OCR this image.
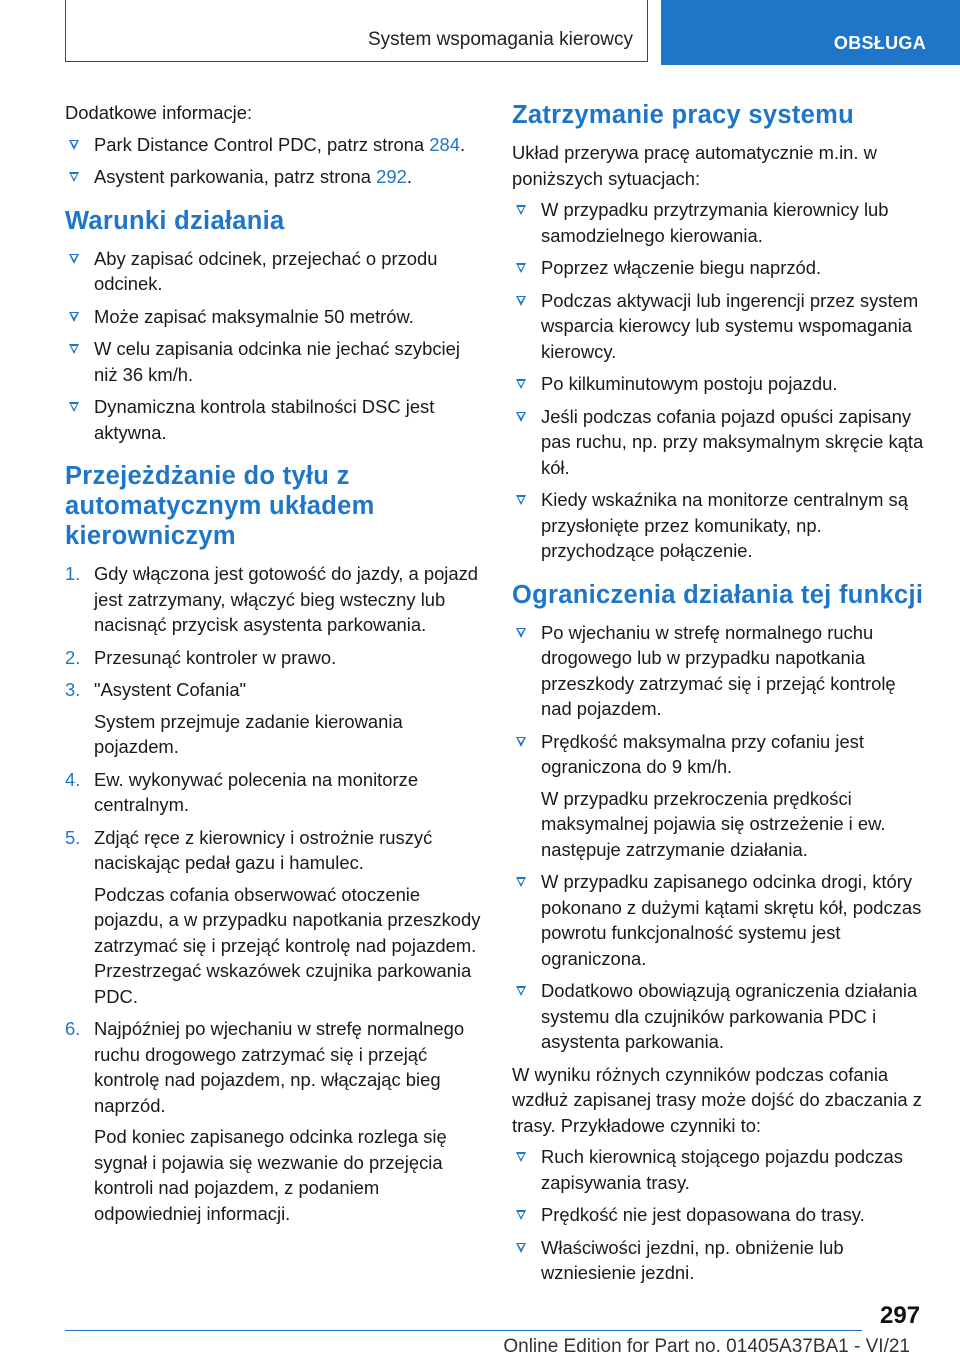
System wspomagania kierowcy	OBSŁUGA

Dodatkowe informacje:

Park Distance Control PDC, patrz strona 284.
Asystent parkowania, patrz strona 292.
Warunki działania
Aby zapisać odcinek, przejechać o przodu odcinek.
Może zapisać maksymalnie 50 metrów.
W celu zapisania odcinka nie jechać szybciej niż 36 km/h.
Dynamiczna kontrola stabilności DSC jest aktywna.
Przejeżdżanie do tyłu z automatycznym układem kierowniczym
1. Gdy włączona jest gotowość do jazdy, a pojazd jest zatrzymany, włączyć bieg wsteczny lub nacisnąć przycisk asystenta parkowania.
2. Przesunąć kontroler w prawo.
3. "Asystent Cofania"
System przejmuje zadanie kierowania pojazdem.
4. Ew. wykonywać polecenia na monitorze centralnym.
5. Zdjąć ręce z kierownicy i ostrożnie ruszyć naciskając pedał gazu i hamulec.
Podczas cofania obserwować otoczenie pojazdu, a w przypadku napotkania przeszkody zatrzymać się i przejąć kontrolę nad pojazdem. Przestrzegać wskazówek czujnika parkowania PDC.
6. Najpóźniej po wjechaniu w strefę normalnego ruchu drogowego zatrzymać się i przejąć kontrolę nad pojazdem, np. włączając bieg naprzód.
Pod koniec zapisanego odcinka rozlega się sygnał i pojawia się wezwanie do przejęcia kontroli nad pojazdem, z podaniem odpowiedniej informacji.
Zatrzymanie pracy systemu

Układ przerywa pracę automatycznie m.in. w poniższych sytuacjach:

W przypadku przytrzymania kierownicy lub samodzielnego kierowania.
Poprzez włączenie biegu naprzód.
Podczas aktywacji lub ingerencji przez system wsparcia kierowcy lub systemu wspomagania kierowcy.
Po kilkuminutowym postoju pojazdu.
Jeśli podczas cofania pojazd opuści zapisany pas ruchu, np. przy maksymalnym skręcie kąta kół.
Kiedy wskaźnika na monitorze centralnym są przysłonięte przez komunikaty, np. przychodzące połączenie.
Ograniczenia działania tej funkcji
Po wjechaniu w strefę normalnego ruchu drogowego lub w przypadku napotkania przeszkody zatrzymać się i przejąć kontrolę nad pojazdem.
Prędkość maksymalna przy cofaniu jest ograniczona do 9 km/h.
W przypadku przekroczenia prędkości maksymalnej pojawia się ostrzeżenie i ew. następuje zatrzymanie działania.
W przypadku zapisanego odcinka drogi, który pokonano z dużymi kątami skrętu kół, podczas powrotu funkcjonalność systemu jest ograniczona.
Dodatkowo obowiązują ograniczenia działania systemu dla czujników parkowania PDC i asystenta parkowania.

W wyniku różnych czynników podczas cofania wzdłuż zapisanej trasy może dojść do zbaczania z trasy. Przykładowe czynniki to:

Ruch kierownicą stojącego pojazdu podczas zapisywania trasy.
Prędkość nie jest dopasowana do trasy.
Właściwości jezdni, np. obniżenie lub wzniesienie jezdni.
297
Online Edition for Part no. 01405A37BA1 - VI/21
